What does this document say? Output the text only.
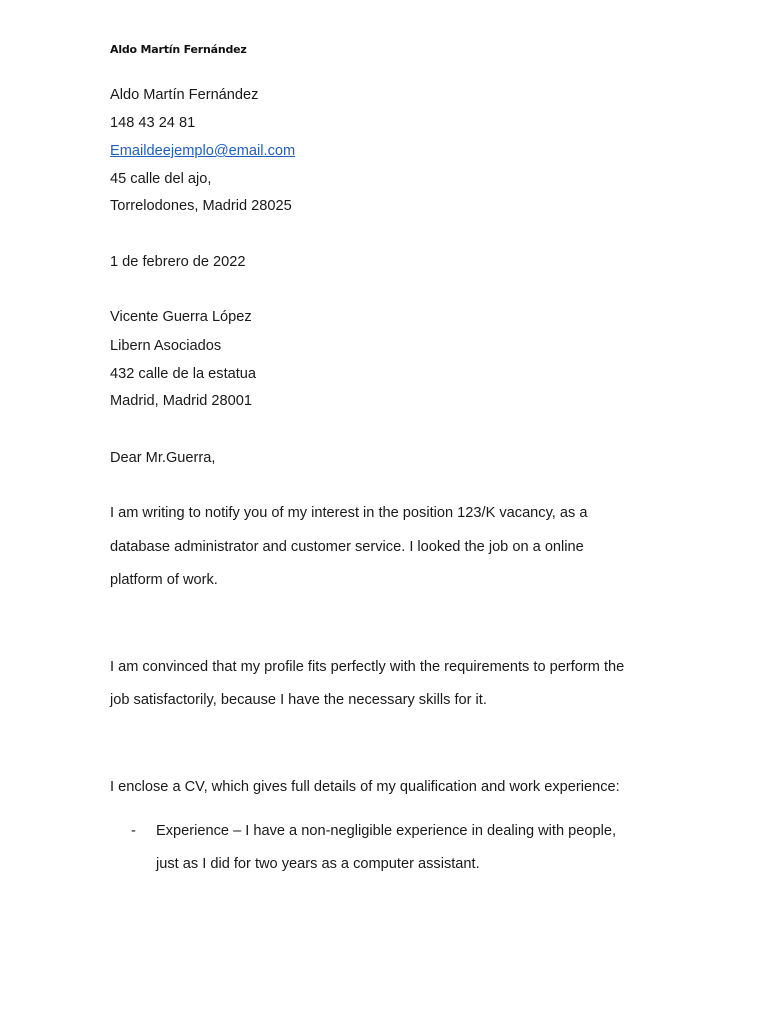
Aldo Martín Fernández
Aldo Martín Fernández
148 43 24 81
Emaildeejemplo@email.com
45 calle del ajo,
Torrelodones, Madrid 28025
1 de febrero de 2022
Vicente Guerra López
Libern Asociados
432 calle de la estatua
Madrid, Madrid 28001
Dear Mr.Guerra,
I am writing to notify you of my interest in the position 123/K vacancy, as a
database administrator and customer service. I looked the job on a online
platform of work.
I am convinced that my profile fits perfectly with the requirements to perform the
job satisfactorily, because I have the necessary skills for it.
I enclose a CV, which gives full details of my qualification and work experience:
- Experience – I have a non-negligible experience in dealing with people,
just as I did for two years as a computer assistant.
